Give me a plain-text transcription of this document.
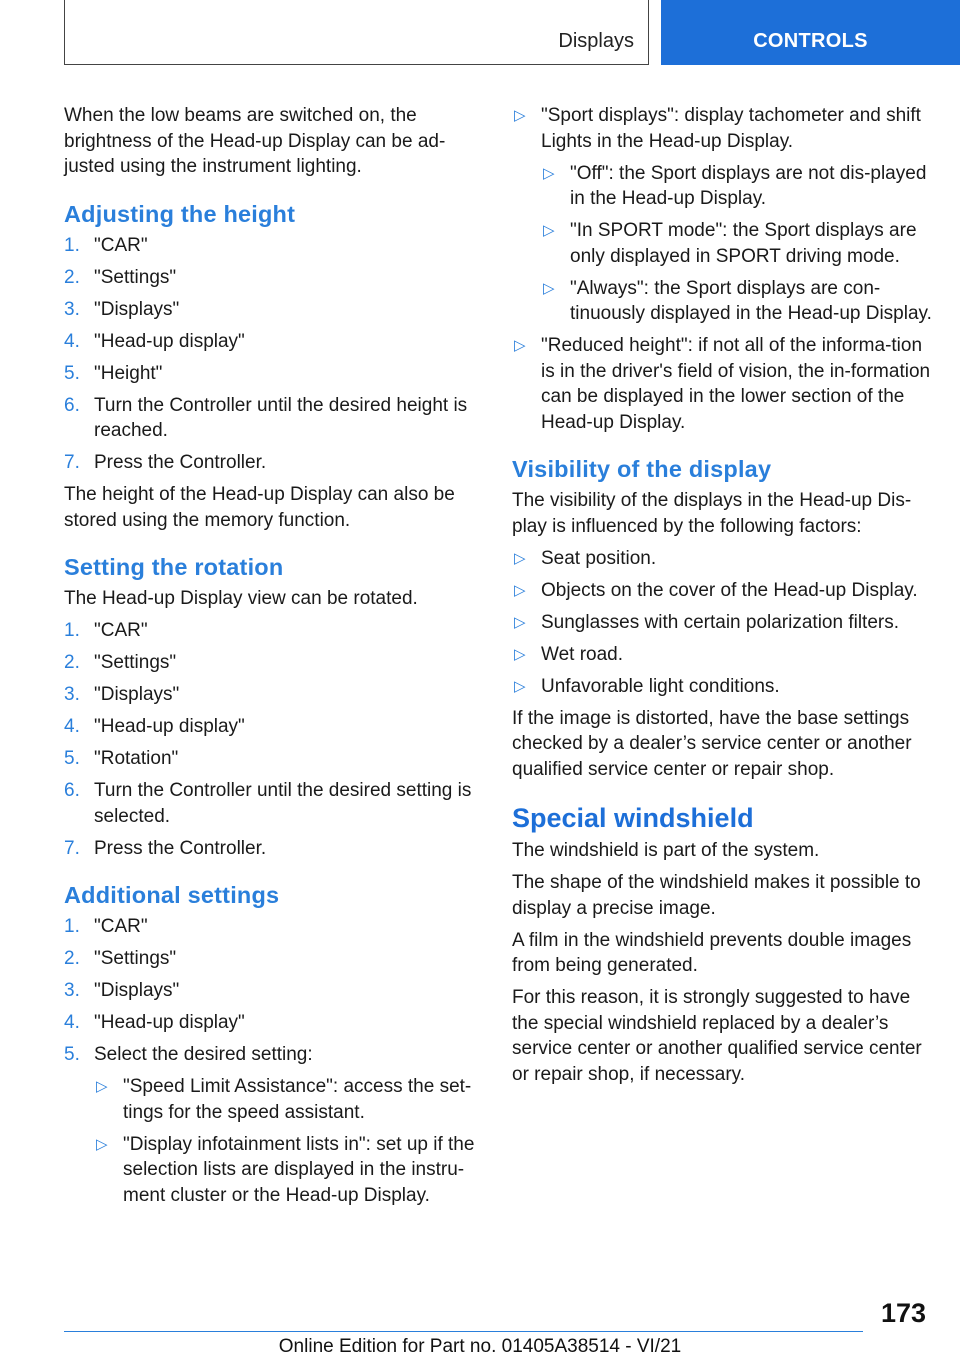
Displays	CONTROLS

When the low beams are switched on, the brightness of the Head-up Display can be ad-justed using the instrument lighting.

Adjusting the height
1. "CAR"
2. "Settings"
3. "Displays"
4. "Head-up display"
5. "Height"
6. Turn the Controller until the desired height is reached.
7. Press the Controller.

The height of the Head-up Display can also be stored using the memory function.

Setting the rotation

The Head-up Display view can be rotated.

1. "CAR"
2. "Settings"
3. "Displays"
4. "Head-up display"
5. "Rotation"
6. Turn the Controller until the desired setting is selected.
7. Press the Controller.
Additional settings
1. "CAR"
2. "Settings"
3. "Displays"
4. "Head-up display"
5. Select the desired setting:
▷ "Speed Limit Assistance": access the set-tings for the speed assistant.
▷ "Display infotainment lists in": set up if the selection lists are displayed in the instru-ment cluster or the Head-up Display.
▷ "Sport displays": display tachometer and shift Lights in the Head-up Display.
▷ "Off": the Sport displays are not dis-played in the Head-up Display.
▷ "In SPORT mode": the Sport displays are only displayed in SPORT driving mode.
▷ "Always": the Sport displays are con-tinuously displayed in the Head-up Display.
▷ "Reduced height": if not all of the informa-tion is in the driver's field of vision, the in-formation can be displayed in the lower section of the Head-up Display.
Visibility of the display

The visibility of the displays in the Head-up Dis-play is influenced by the following factors:

▷ Seat position.
▷ Objects on the cover of the Head-up Display.
▷ Sunglasses with certain polarization filters.
▷ Wet road.
▷ Unfavorable light conditions.

If the image is distorted, have the base settings checked by a dealer’s service center or another qualified service center or repair shop.

Special windshield

The windshield is part of the system.

The shape of the windshield makes it possible to display a precise image.

A film in the windshield prevents double images from being generated.

For this reason, it is strongly suggested to have the special windshield replaced by a dealer’s service center or another qualified service center or repair shop, if necessary.

173
Online Edition for Part no. 01405A38514 - VI/21
